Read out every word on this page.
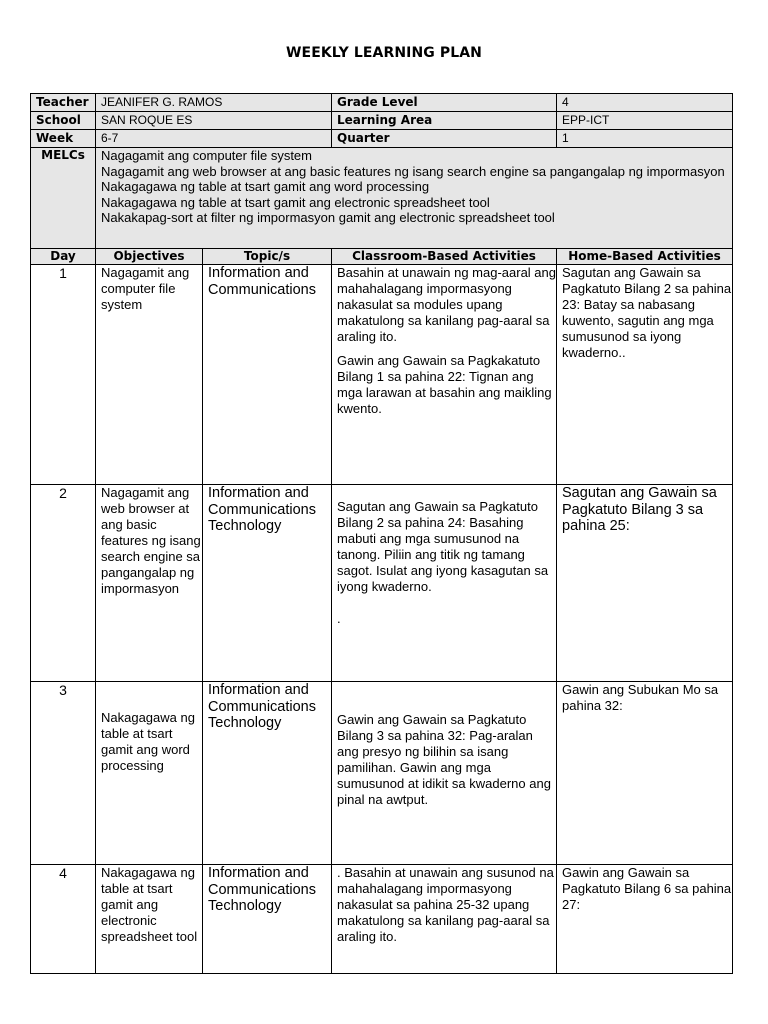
WEEKLY LEARNING PLAN
Teacher	JEANIFER G. RAMOS		Grade Level	4
School	SAN ROQUE ES		Learning Area	EPP-ICT
Week	6-7		Quarter	1
MELCs	Nagagamit ang computer file system
Nagagamit ang web browser at ang basic features ng isang search engine sa pangangalap ng impormasyon
Nakagagawa ng table at tsart gamit ang word processing
Nakagagawa ng table at tsart gamit ang electronic spreadsheet tool
Nakakapag-sort at filter ng impormasyon gamit ang electronic spreadsheet tool			

Day	Objectives	Topic/s	Classroom-Based Activities	Home-Based Activities
1	Nagagamit ang computer file system	Information and Communications	Basahin at unawain ng mag-aaral ang mahahalagang impormasyong nakasulat sa modules upang makatulong sa kanilang pag-aaral sa araling ito.
Gawin ang Gawain sa Pagkakatuto Bilang 1 sa pahina 22: Tignan ang mga larawan at basahin ang maikling kwento.	Sagutan ang Gawain sa Pagkatuto Bilang 2 sa pahina 23: Batay sa nabasang kuwento, sagutin ang mga sumusunod sa iyong kwaderno..
2	Nagagamit ang web browser at ang basic features ng isang search engine sa pangangalap ng impormasyon	Information and Communications Technology	Sagutan ang Gawain sa Pagkatuto Bilang 2 sa pahina 24: Basahing mabuti ang mga sumusunod na tanong. Piliin ang titik ng tamang sagot. Isulat ang iyong kasagutan sa iyong kwaderno.
.	Sagutan ang Gawain sa Pagkatuto Bilang 3 sa pahina 25:
3	Nakagagawa ng table at tsart gamit ang word processing	Information and Communications Technology	Gawin ang Gawain sa Pagkatuto Bilang 3 sa pahina 32: Pag-aralan ang presyo ng bilihin sa isang pamilihan. Gawin ang mga sumusunod at idikit sa kwaderno ang pinal na awtput.	Gawin ang Subukan Mo sa pahina 32:
4	Nakagagawa ng table at tsart gamit ang electronic spreadsheet tool	Information and Communications Technology	. Basahin at unawain ang susunod na mahahalagang impormasyong nakasulat sa pahina 25-32 upang makatulong sa kanilang pag-aaral sa araling ito.	Gawin ang Gawain sa Pagkatuto Bilang 6 sa pahina 27:
